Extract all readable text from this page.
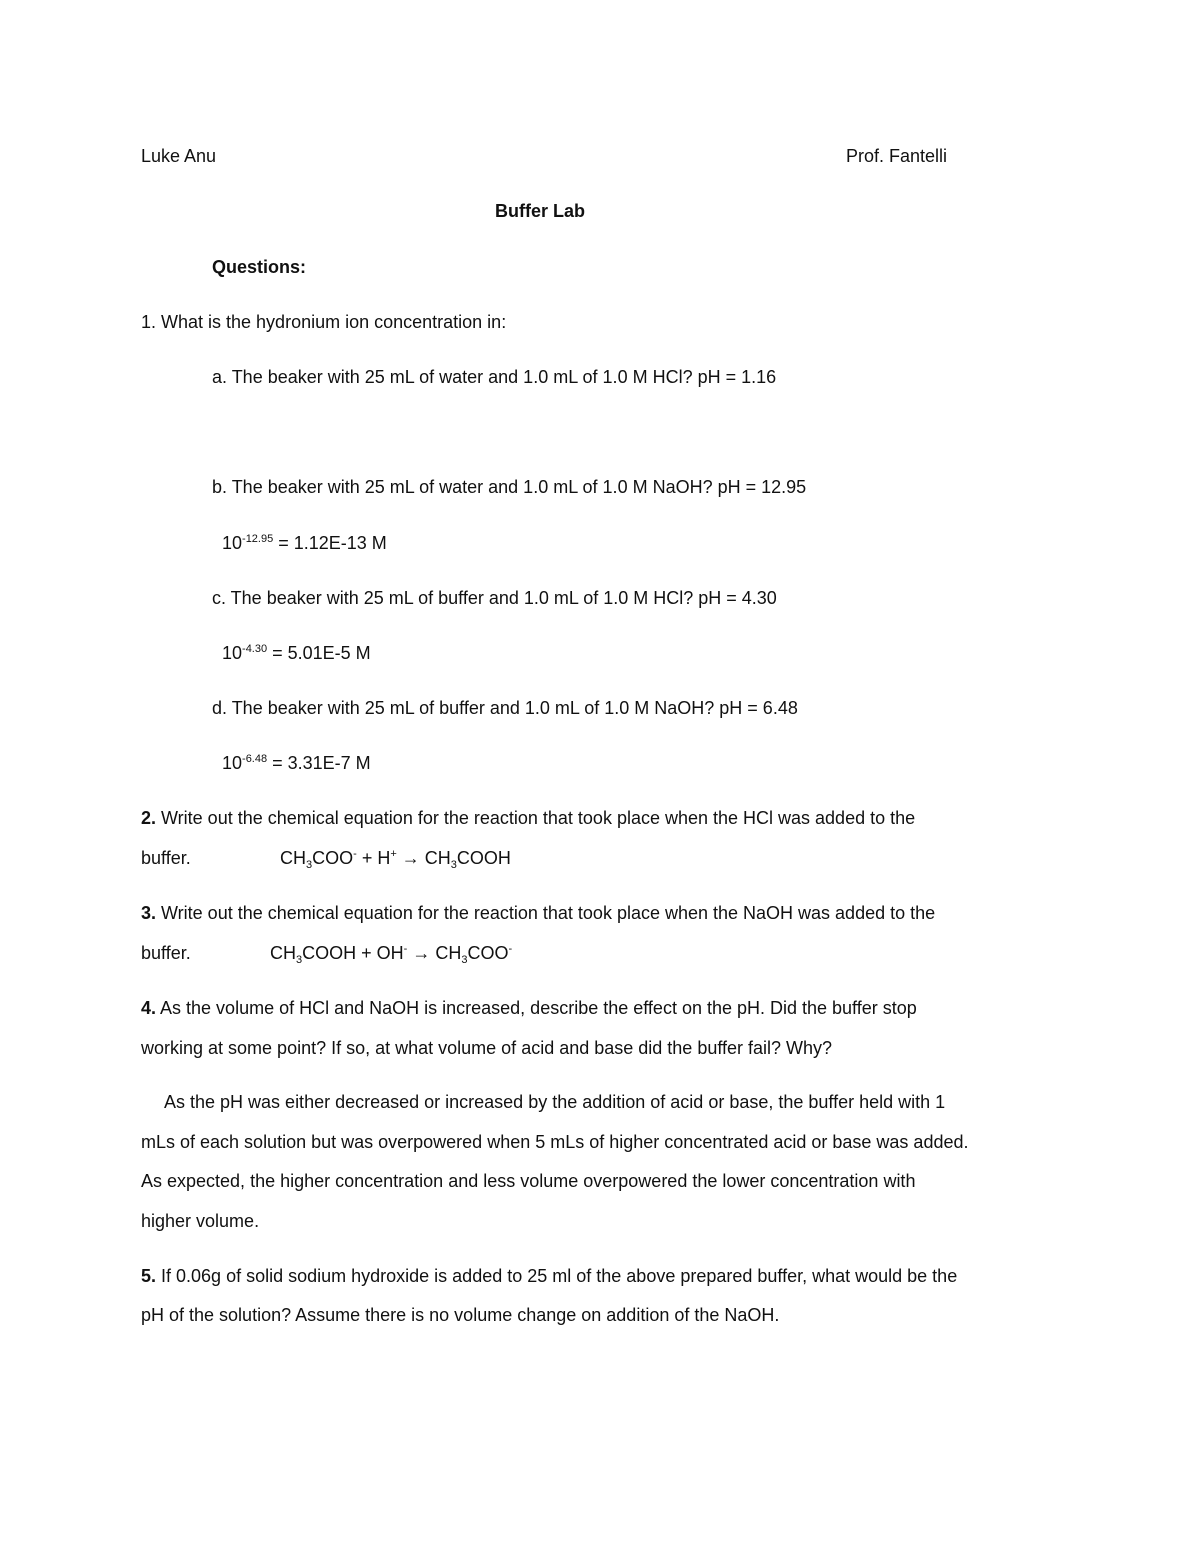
Luke Anu	Prof. Fantelli
Buffer Lab
Questions:
1. What is the hydronium ion concentration in:
a. The beaker with 25 mL of water and 1.0 mL of 1.0 M HCl? pH = 1.16
b. The beaker with 25 mL of water and 1.0 mL of 1.0 M NaOH? pH = 12.95
$10^{-12.95} = 1.12E-13$ M
c. The beaker with 25 mL of buffer and 1.0 mL of 1.0 M HCl? pH = 4.30
$10^{-4.30} = 5.01E-5$ M
d. The beaker with 25 mL of buffer and 1.0 mL of 1.0 M NaOH? pH = 6.48
$10^{-6.48} = 3.31E-7$ M
2. Write out the chemical equation for the reaction that took place when the HCl was added to the
buffer.	$CH_3COO^- + H^+$ → $CH_3COOH$
3. Write out the chemical equation for the reaction that took place when the NaOH was added to the
buffer.	$CH_3COOH + OH^- \to CH_3COO^-$
4. As the volume of HCl and NaOH is increased, describe the effect on the pH. Did the buffer stop
working at some point? If so, at what volume of acid and base did the buffer fail? Why?
As the pH was either decreased or increased by the addition of acid or base, the buffer held with 1
mLs of each solution but was overpowered when 5 mLs of higher concentrated acid or base was added.
As expected, the higher concentration and less volume overpowered the lower concentration with
higher volume.
5. If 0.06g of solid sodium hydroxide is added to 25 ml of the above prepared buffer, what would be the
pH of the solution? Assume there is no volume change on addition of the NaOH.
